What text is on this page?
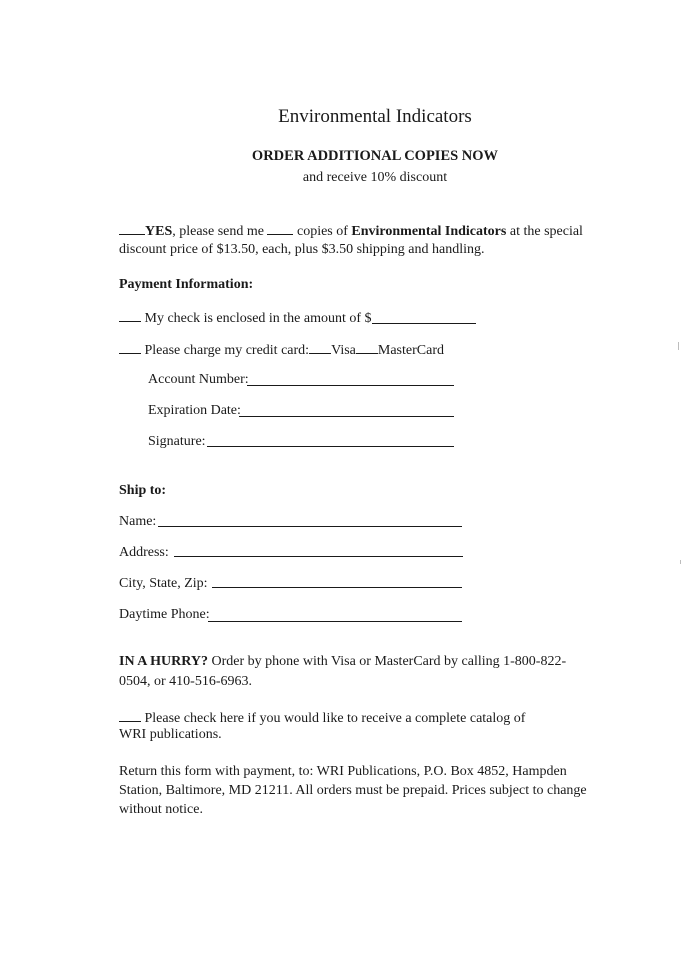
Environmental Indicators
ORDER ADDITIONAL COPIES NOW
and receive 10% discount
YES, please send me copies of Environmental Indicators at the special
discount price of $13.50, each, plus $3.50 shipping and handling.
Payment Information:
My check is enclosed in the amount of $
Please charge my credit card: Visa MasterCard
Account Number:
Expiration Date:
Signature:
Ship to:
Name:
Address:
City, State, Zip:
Daytime Phone:
IN A HURRY? Order by phone with Visa or MasterCard by calling 1-800-822-
0504, or 410-516-6963.
Please check here if you would like to receive a complete catalog of
WRI publications.
Return this form with payment, to: WRI Publications, P.O. Box 4852, Hampden
Station, Baltimore, MD 21211. All orders must be prepaid. Prices subject to change
without notice.
